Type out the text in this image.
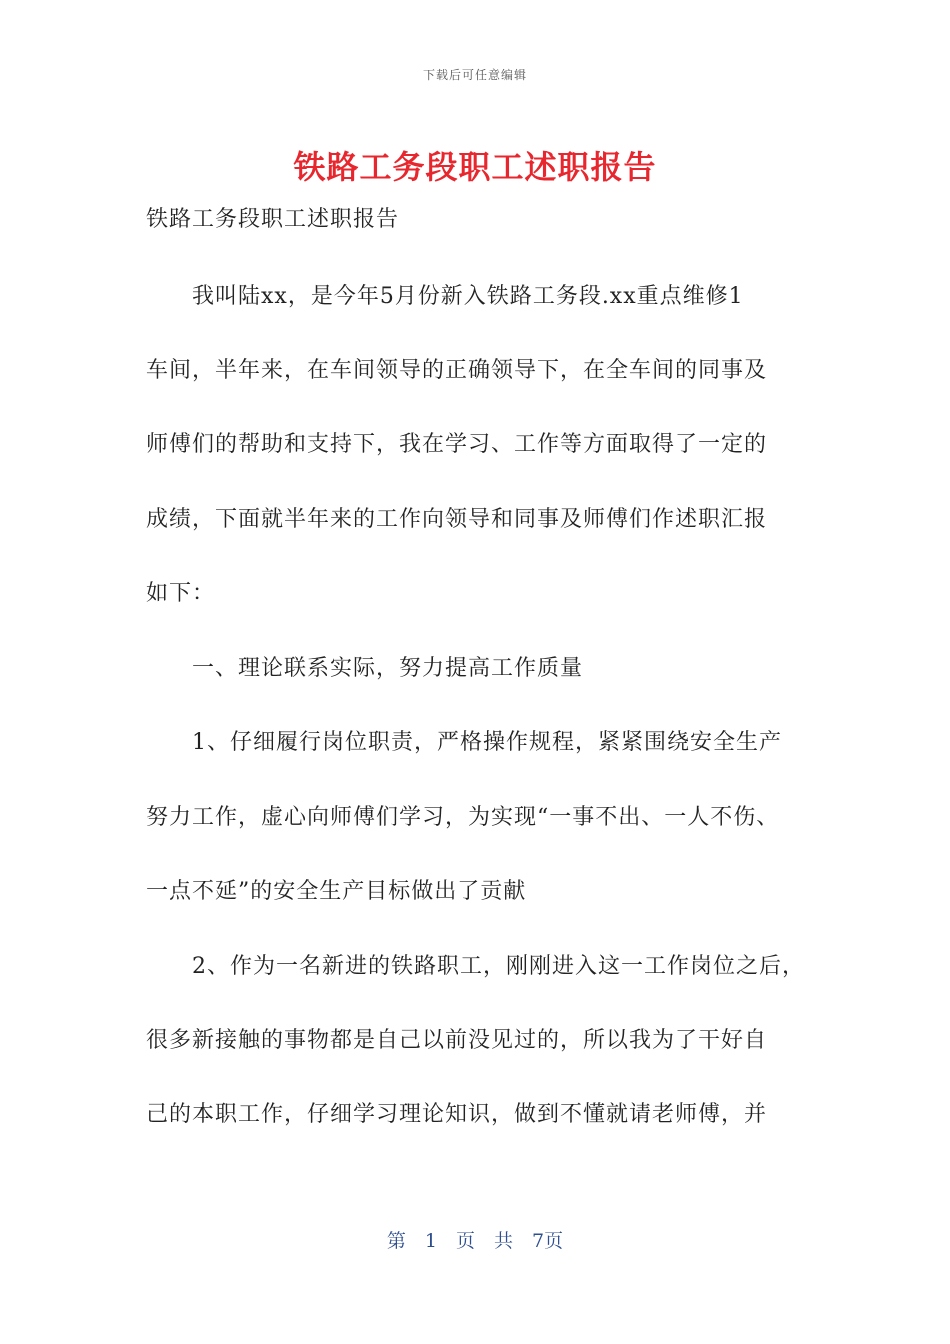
下载后可任意编辑
铁路工务段职工述职报告
铁路工务段职工述职报告
我叫陆xx，是今年5月份新入铁路工务段.xx重点维修1
车间，半年来，在车间领导的正确领导下，在全车间的同事及
师傅们的帮助和支持下，我在学习、工作等方面取得了一定的
成绩，下面就半年来的工作向领导和同事及师傅们作述职汇报
如下：
一、理论联系实际，努力提高工作质量
1、仔细履行岗位职责，严格操作规程，紧紧围绕安全生产
努力工作，虚心向师傅们学习，为实现“一事不出、一人不伤、
一点不延”的安全生产目标做出了贡献
2、作为一名新进的铁路职工，刚刚进入这一工作岗位之后，
很多新接触的事物都是自己以前没见过的，所以我为了干好自
己的本职工作，仔细学习理论知识，做到不懂就请老师傅，并
第　1　页　共　7页
